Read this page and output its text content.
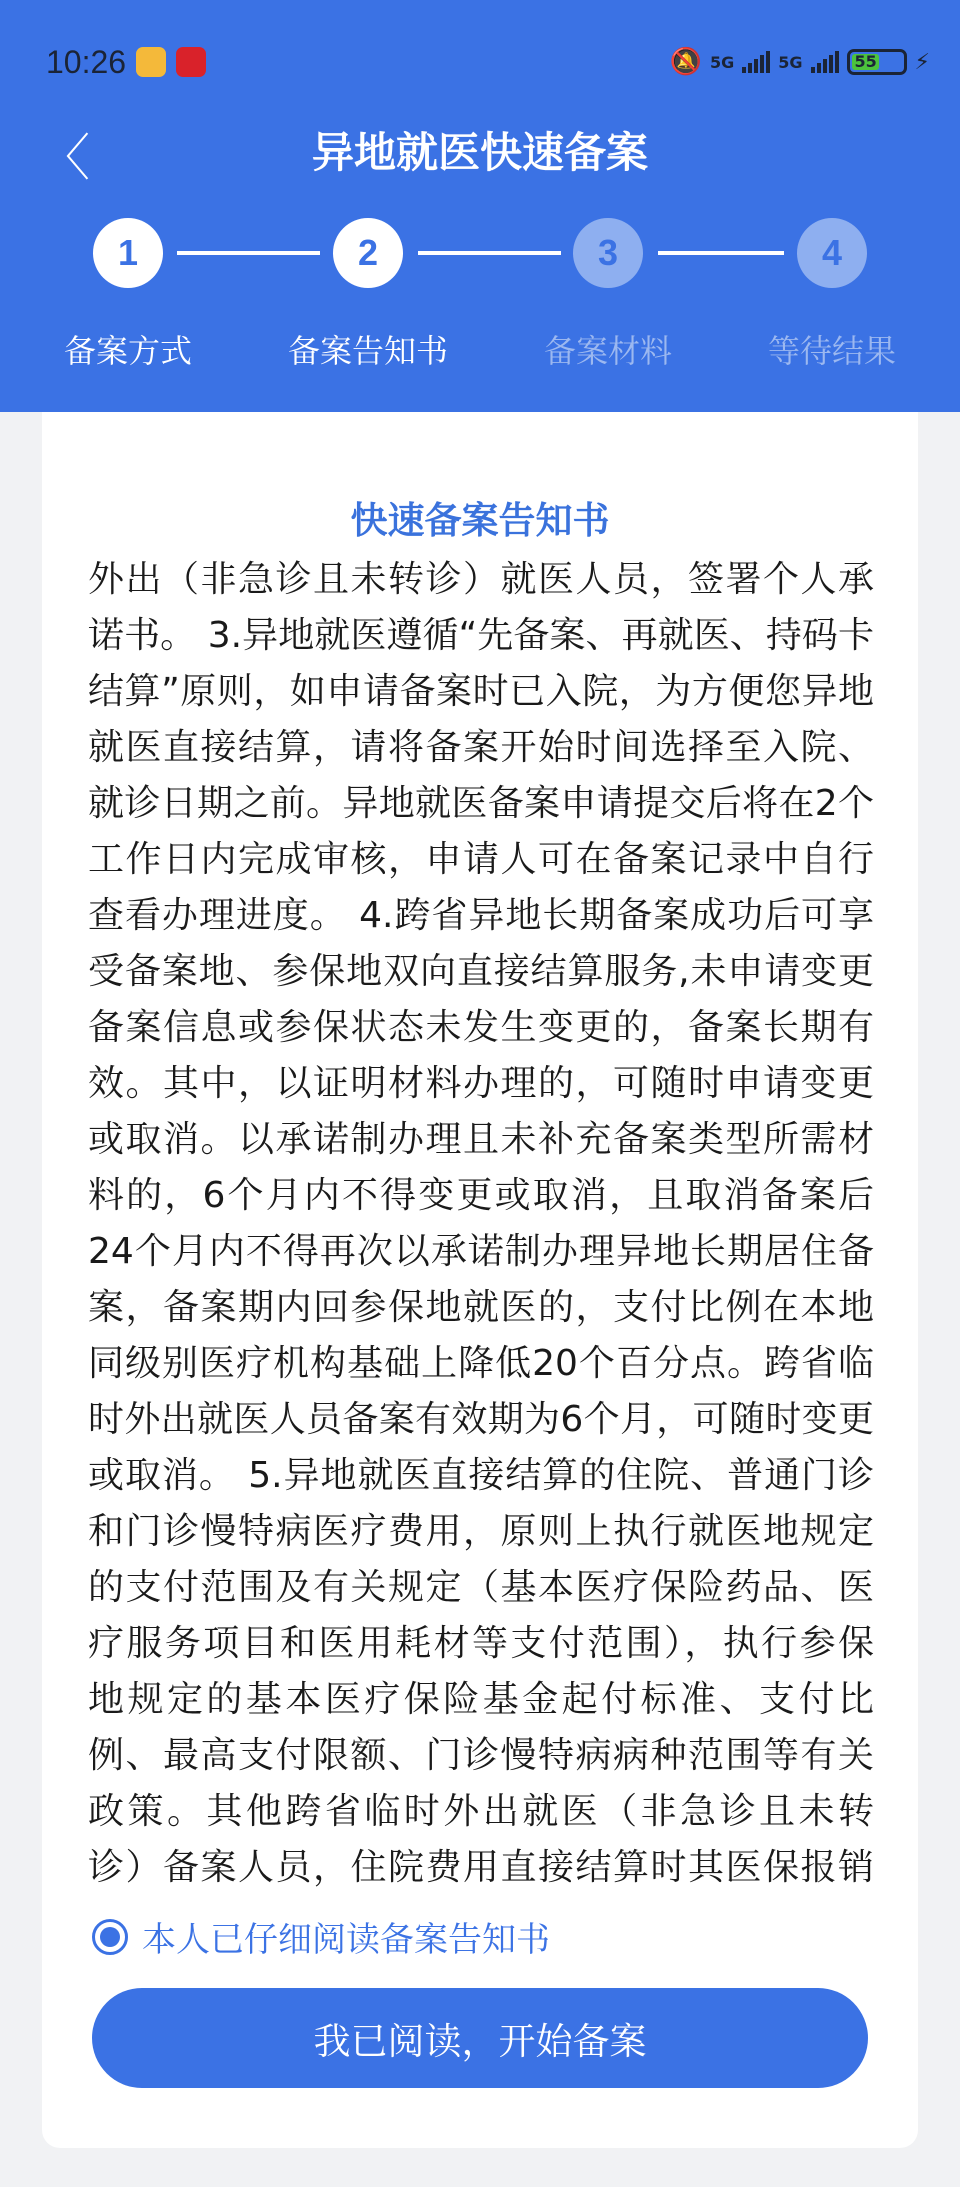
10:26	🔕 5G	5G	55 ⚡
〈	异地就医快速备案
1	2	3	4
备案方式	备案告知书	备案材料	等待结果
快速备案告知书
外出（非急诊且未转诊）就医人员，签署个人承
诺书。 3.异地就医遵循“先备案、再就医、持码卡
结算”原则，如申请备案时已入院，为方便您异地
就医直接结算，请将备案开始时间选择至入院、
就诊日期之前。异地就医备案申请提交后将在2个
工作日内完成审核，申请人可在备案记录中自行
查看办理进度。 4.跨省异地长期备案成功后可享
受备案地、参保地双向直接结算服务,未申请变更
备案信息或参保状态未发生变更的，备案长期有
效。其中，以证明材料办理的，可随时申请变更
或取消。以承诺制办理且未补充备案类型所需材
料的，6个月内不得变更或取消，且取消备案后
24个月内不得再次以承诺制办理异地长期居住备
案，备案期内回参保地就医的，支付比例在本地
同级别医疗机构基础上降低20个百分点。跨省临
时外出就医人员备案有效期为6个月，可随时变更
或取消。 5.异地就医直接结算的住院、普通门诊
和门诊慢特病医疗费用，原则上执行就医地规定
的支付范围及有关规定（基本医疗保险药品、医
疗服务项目和医用耗材等支付范围），执行参保
地规定的基本医疗保险基金起付标准、支付比
例、最高支付限额、门诊慢特病病种范围等有关
政策。其他跨省临时外出就医（非急诊且未转
诊）备案人员，住院费用直接结算时其医保报销
本人已仔细阅读备案告知书
我已阅读，开始备案
